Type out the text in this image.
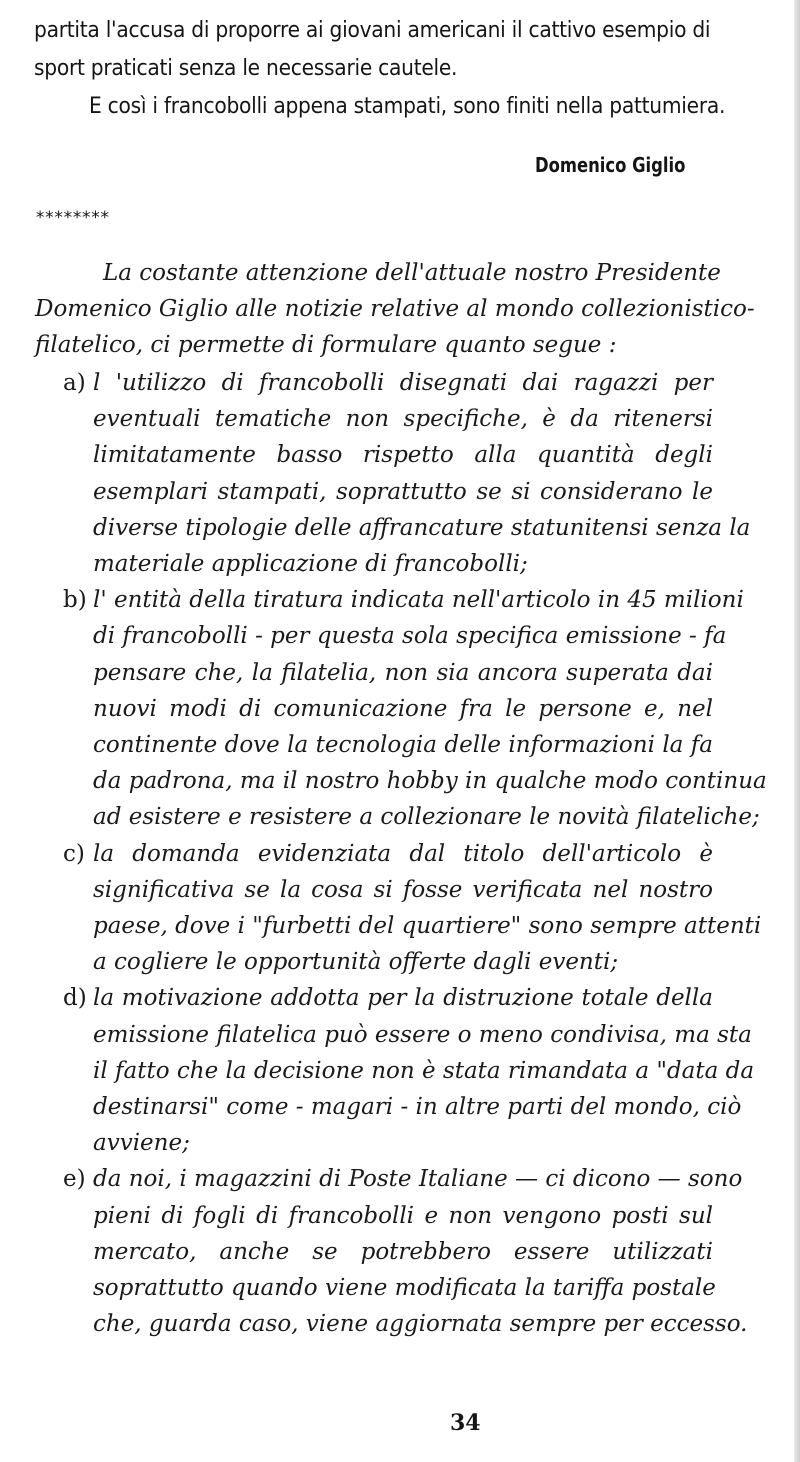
partita l'accusa di proporre ai giovani americani il cattivo esempio di
sport praticati senza le necessarie cautele.
E così i francobolli appena stampati, sono finiti nella pattumiera.
Domenico Giglio
********
La costante attenzione dell'attuale nostro Presidente
Domenico Giglio alle notizie relative al mondo collezionistico-
filatelico, ci permette di formulare quanto segue :
a) l 'utilizzo di francobolli disegnati dai ragazzi per
eventuali tematiche non specifiche, è da ritenersi
limitatamente basso rispetto alla quantità degli
esemplari stampati, soprattutto se si considerano le
diverse tipologie delle affrancature statunitensi senza la
materiale applicazione di francobolli;
b) l' entità della tiratura indicata nell'articolo in 45 milioni
di francobolli - per questa sola specifica emissione - fa
pensare che, la filatelia, non sia ancora superata dai
nuovi modi di comunicazione fra le persone e, nel
continente dove la tecnologia delle informazioni la fa
da padrona, ma il nostro hobby in qualche modo continua
ad esistere e resistere a collezionare le novità filateliche;
c) la domanda evidenziata dal titolo dell'articolo è
significativa se la cosa si fosse verificata nel nostro
paese, dove i "furbetti del quartiere" sono sempre attenti
a cogliere le opportunità offerte dagli eventi;
d) la motivazione addotta per la distruzione totale della
emissione filatelica può essere o meno condivisa, ma sta
il fatto che la decisione non è stata rimandata a "data da
destinarsi" come - magari - in altre parti del mondo, ciò
avviene;
e) da noi, i magazzini di Poste Italiane — ci dicono — sono
pieni di fogli di francobolli e non vengono posti sul
mercato, anche se potrebbero essere utilizzati
soprattutto quando viene modificata la tariffa postale
che, guarda caso, viene aggiornata sempre per eccesso.
34
